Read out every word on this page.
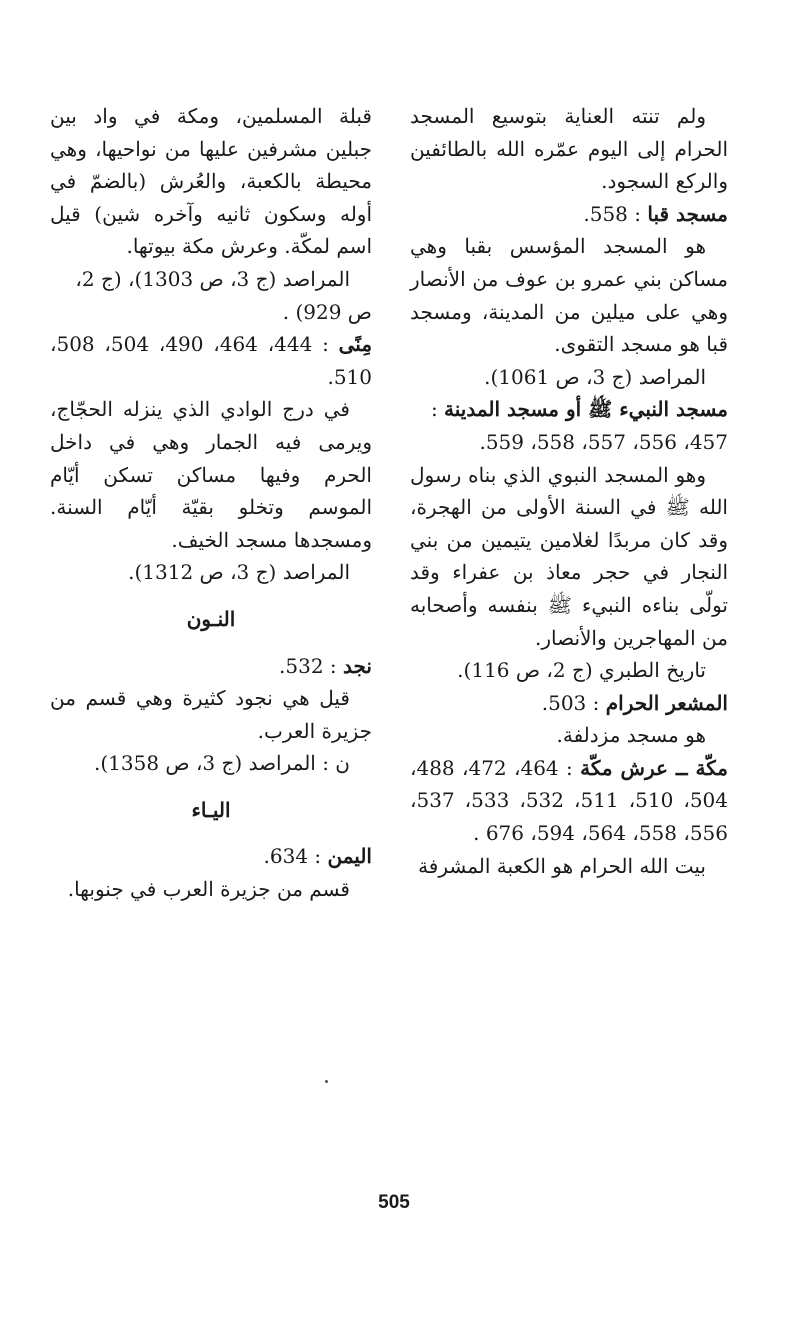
ولم تنته العناية بتوسيع المسجد الحرام إلى اليوم عمّره الله بالطائفين والركع السجود.

مسجد قبا : 558.

هو المسجد المؤسس بقبا وهي مساكن بني عمرو بن عوف من الأنصار وهي على ميلين من المدينة، ومسجد قبا هو مسجد التقوى.

المراصد (ج 3، ص 1061).

مسجد النبيء ﷺ أو مسجد المدينة : 457، 556، 557، 558، 559.

وهو المسجد النبوي الذي بناه رسول الله ﷺ في السنة الأولى من الهجرة، وقد كان مربدًا لغلامين يتيمين من بني النجار في حجر معاذ بن عفراء وقد تولّى بناءه النبيء ﷺ بنفسه وأصحابه من المهاجرين والأنصار.

تاريخ الطبري (ج 2، ص 116).

المشعر الحرام : 503.

هو مسجد مزدلفة.

مكّة ــ عرش مكّة : 464، 472، 488، 504، 510، 511، 532، 533، 537، 556، 558، 564، 594، 676 .

بيت الله الحرام هو الكعبة المشرفة

قبلة المسلمين، ومكة في واد بين جبلين مشرفين عليها من نواحيها، وهي محيطة بالكعبة، والعُرش (بالضمّ في أوله وسكون ثانيه وآخره شين) قيل اسم لمكّة. وعرش مكة بيوتها.

المراصد (ج 3، ص 1303)، (ج 2، ص 929) .

مِنًى : 444، 464، 490، 504، 508، 510.

في درج الوادي الذي ينزله الحجّاج، ويرمى فيه الجمار وهي في داخل الحرم وفيها مساكن تسكن أيّام الموسم وتخلو بقيّة أيّام السنة. ومسجدها مسجد الخيف.

المراصد (ج 3، ص 1312).

النـون

نجد : 532.

قيل هي نجود كثيرة وهي قسم من جزيرة العرب.

ن : المراصد (ج 3، ص 1358).

اليـاء

اليمن : 634.

قسم من جزيرة العرب في جنوبها.

505
